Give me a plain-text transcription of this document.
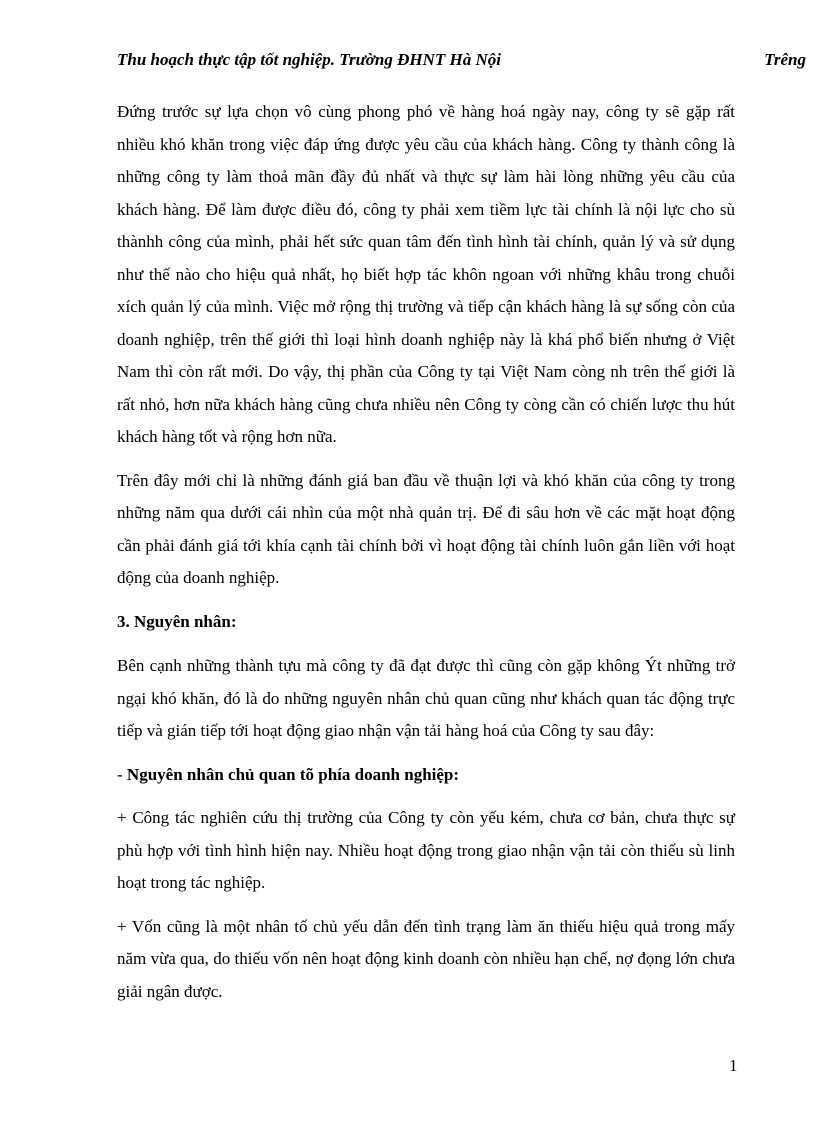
Thu hoạch thực tập tốt nghiệp. Trường ĐHNT Hà Nội	Trêng

Đứng trước sự lựa chọn vô cùng phong phó về hàng hoá ngày nay, công ty sẽ gặp rất nhiều khó khăn trong việc đáp ứng được yêu cầu của khách hàng. Công ty thành công là những công ty làm thoả mãn đầy đủ nhất và thực sự làm hài lòng những yêu cầu của khách hàng. Để làm được điều đó, công ty phải xem tiềm lực tài chính là nội lực cho sù thànhh công của mình, phải hết sức quan tâm đến tình hình tài chính, quản lý và sử dụng như thế nào cho hiệu quả nhất, họ biết hợp tác khôn ngoan với những khâu trong chuỗi xích quản lý của mình. Việc mở rộng thị trường và tiếp cận khách hàng là sự sống còn của doanh nghiệp, trên thế giới thì loại hình doanh nghiệp này là khá phổ biến nhưng ở Việt Nam thì còn rất mới. Do vậy, thị phần của Công ty tại Việt Nam còng nh trên thế giới là rất nhỏ, hơn nữa khách hàng cũng chưa nhiều nên Công ty còng cần có chiến lược thu hút khách hàng tốt và rộng hơn nữa.

Trên đây mới chỉ là những đánh giá ban đầu về thuận lợi và khó khăn của công ty trong những năm qua dưới cái nhìn của một nhà quản trị. Để đi sâu hơn về các mặt hoạt động cần phải đánh giá tới khía cạnh tài chính bởi vì hoạt động tài chính luôn gắn liền với hoạt động của doanh nghiệp.

3. Nguyên nhân:

Bên cạnh những thành tựu mà công ty đã đạt được thì cũng còn gặp không Ýt những trở ngại khó khăn, đó là do những nguyên nhân chủ quan cũng như khách quan tác động trực tiếp và gián tiếp tới hoạt động giao nhận vận tải hàng hoá của Công ty sau đây:

- Nguyên nhân chủ quan tõ phía doanh nghiệp:

+ Công tác nghiên cứu thị trường của Công ty còn yếu kém, chưa cơ bản, chưa thực sự phù hợp với tình hình hiện nay. Nhiều hoạt động trong giao nhận vận tải còn thiếu sù linh hoạt trong tác nghiệp.

+ Vốn cũng là một nhân tố chủ yếu dẫn đến tình trạng làm ăn thiếu hiệu quả trong mấy năm vừa qua, do thiếu vốn nên hoạt động kinh doanh còn nhiều hạn chế, nợ đọng lớn chưa giải ngân được.

1
